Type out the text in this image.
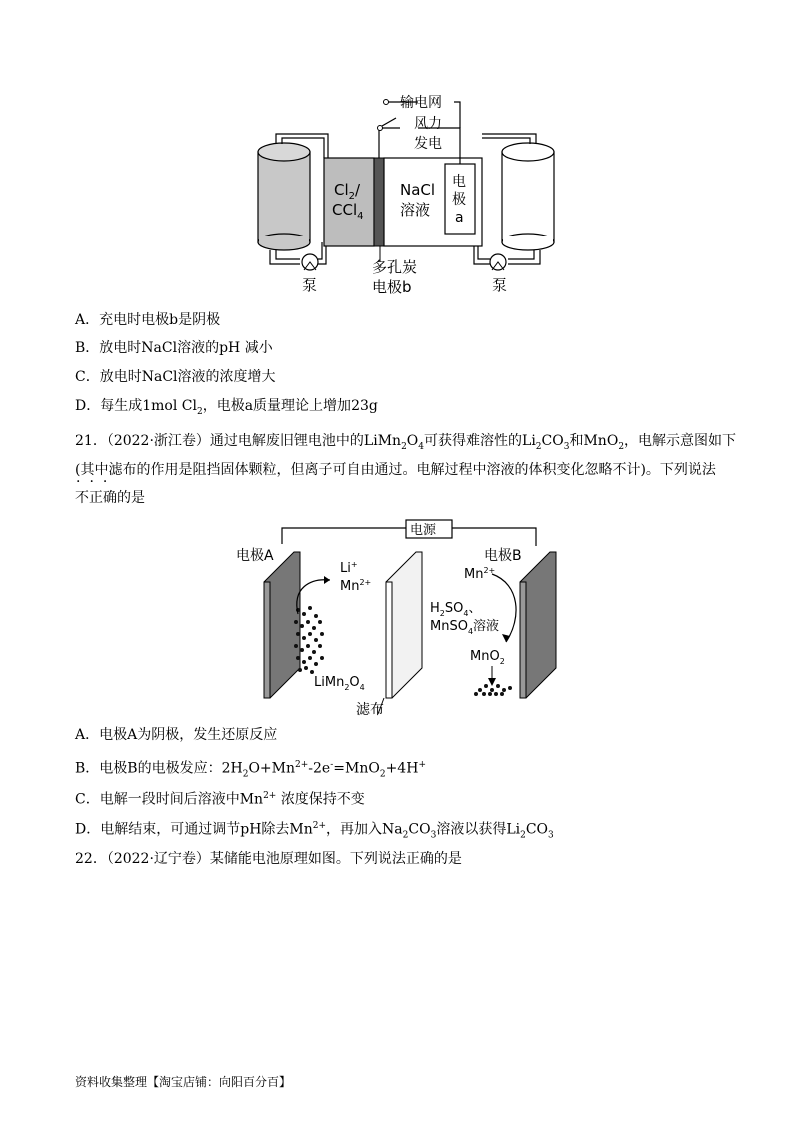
输电网
风力
发电
$Cl_2/$
CCl$_4$
NaCl
溶液
电
极
a
泵	泵
多孔炭
电极b
A．充电时电极b是阴极
B．放电时NaCl溶液的pH 减小
C．放电时NaCl溶液的浓度增大
D．每生成1mol $Cl_2$，电极a质量理论上增加23g
21．（2022·浙江卷）通过电解废旧锂电池中的$LiMn_2O_4$可获得难溶性的$Li_2CO_3$和MnO$_2$，电解示意图如下
(其中滤布的作用是阻挡固体颗粒，但离子可自由通过。电解过程中溶液的体积变化忽略不计)。下列说法
···
不正确的是
电源
电极A	电极B
Li+
$Mn^{2+}$
$Mn^{2+}$
$H_2SO_4$、
MnSO$_4$溶液
MnO$_2$
$LiMn_2O_4$
滤布
A．电极A为阴极，发生还原反应
B．电极B的电极发应：$2H_2O+Mn^{2+}-2e^-=MnO_2+4H^+$
C．电解一段时间后溶液中$Mn^{2+}$ 浓度保持不变
D．电解结束，可通过调节pH除去$Mn^{2+}$，再加入$Na_2CO_3$溶液以获得$Li_2CO_3$
22．（2022·辽宁卷）某储能电池原理如图。下列说法正确的是
资料收集整理【淘宝店铺：向阳百分百】
